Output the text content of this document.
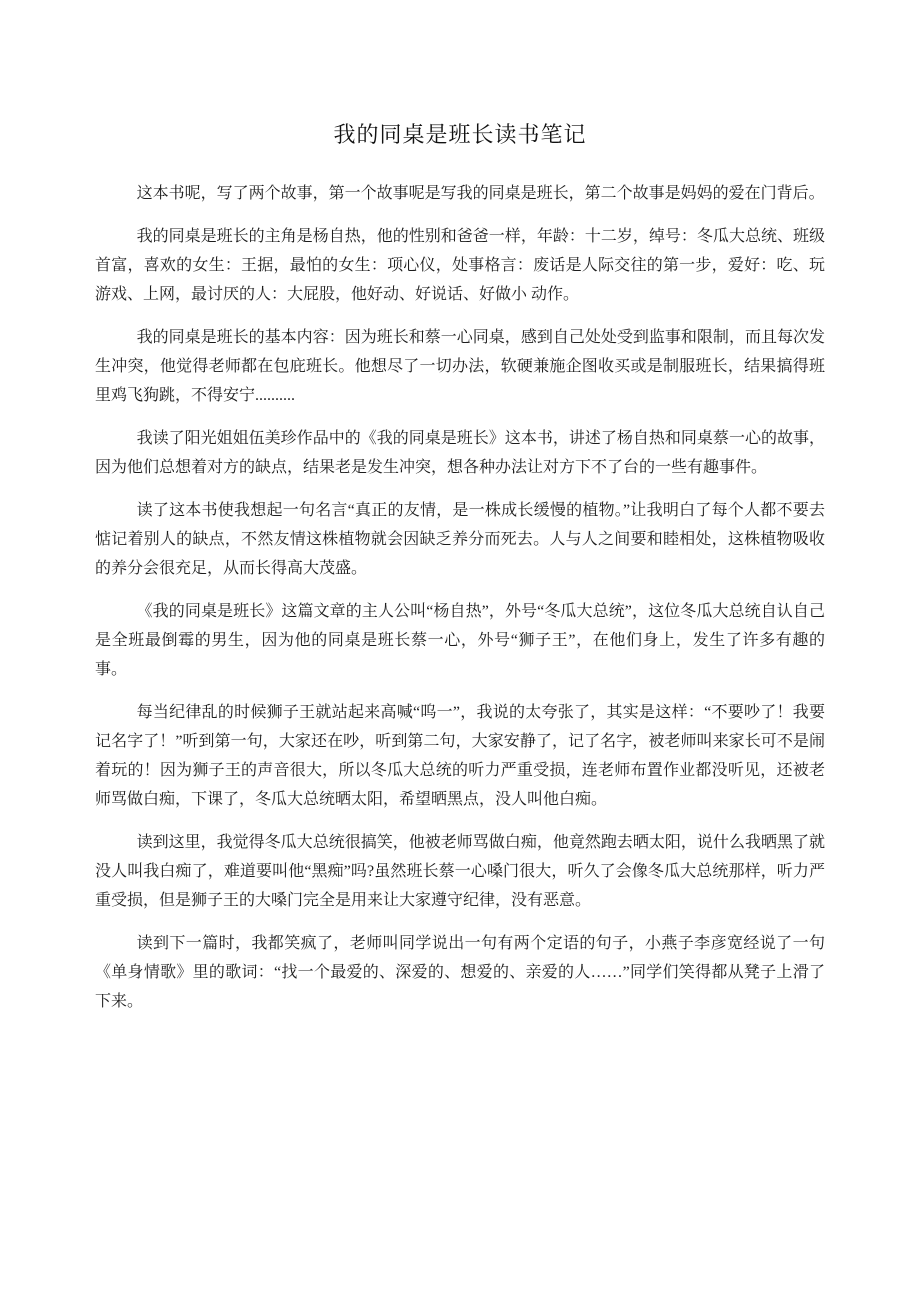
我的同桌是班长读书笔记

这本书呢，写了两个故事，第一个故事呢是写我的同桌是班长，第二个故事是妈妈的爱在门背后。

我的同桌是班长的主角是杨自热，他的性别和爸爸一样，年龄：十二岁，绰号：冬瓜大总统、班级首富，喜欢的女生：王据，最怕的女生：项心仪，处事格言：废话是人际交往的第一步，爱好：吃、玩游戏、上网，最讨厌的人：大屁股，他好动、好说话、好做小 动作。

我的同桌是班长的基本内容：因为班长和蔡一心同桌，感到自己处处受到监事和限制，而且每次发生冲突，他觉得老师都在包庇班长。他想尽了一切办法，软硬兼施企图收买或是制服班长，结果搞得班里鸡飞狗跳，不得安宁..........

我读了阳光姐姐伍美珍作品中的《我的同桌是班长》这本书，讲述了杨自热和同桌蔡一心的故事，因为他们总想着对方的缺点，结果老是发生冲突，想各种办法让对方下不了台的一些有趣事件。

读了这本书使我想起一句名言“真正的友情，是一株成长缓慢的植物。”让我明白了每个人都不要去惦记着别人的缺点，不然友情这株植物就会因缺乏养分而死去。人与人之间要和睦相处，这株植物吸收的养分会很充足，从而长得高大茂盛。

《我的同桌是班长》这篇文章的主人公叫“杨自热”，外号“冬瓜大总统”，这位冬瓜大总统自认自己是全班最倒霉的男生，因为他的同桌是班长蔡一心，外号“狮子王”，在他们身上，发生了许多有趣的事。

每当纪律乱的时候狮子王就站起来高喊“呜一”，我说的太夸张了，其实是这样：“不要吵了！我要记名字了！”听到第一句，大家还在吵，听到第二句，大家安静了，记了名字，被老师叫来家长可不是闹着玩的！因为狮子王的声音很大，所以冬瓜大总统的听力严重受损，连老师布置作业都没听见，还被老师骂做白痴，下课了，冬瓜大总统晒太阳，希望晒黑点，没人叫他白痴。

读到这里，我觉得冬瓜大总统很搞笑，他被老师骂做白痴，他竟然跑去晒太阳，说什么我晒黑了就没人叫我白痴了，难道要叫他“黑痴”吗?虽然班长蔡一心嗓门很大，听久了会像冬瓜大总统那样，听力严重受损，但是狮子王的大嗓门完全是用来让大家遵守纪律，没有恶意。

读到下一篇时，我都笑疯了，老师叫同学说出一句有两个定语的句子，小燕子李彦宽经说了一句《单身情歌》里的歌词：“找一个最爱的、深爱的、想爱的、亲爱的人……”同学们笑得都从凳子上滑了下来。
